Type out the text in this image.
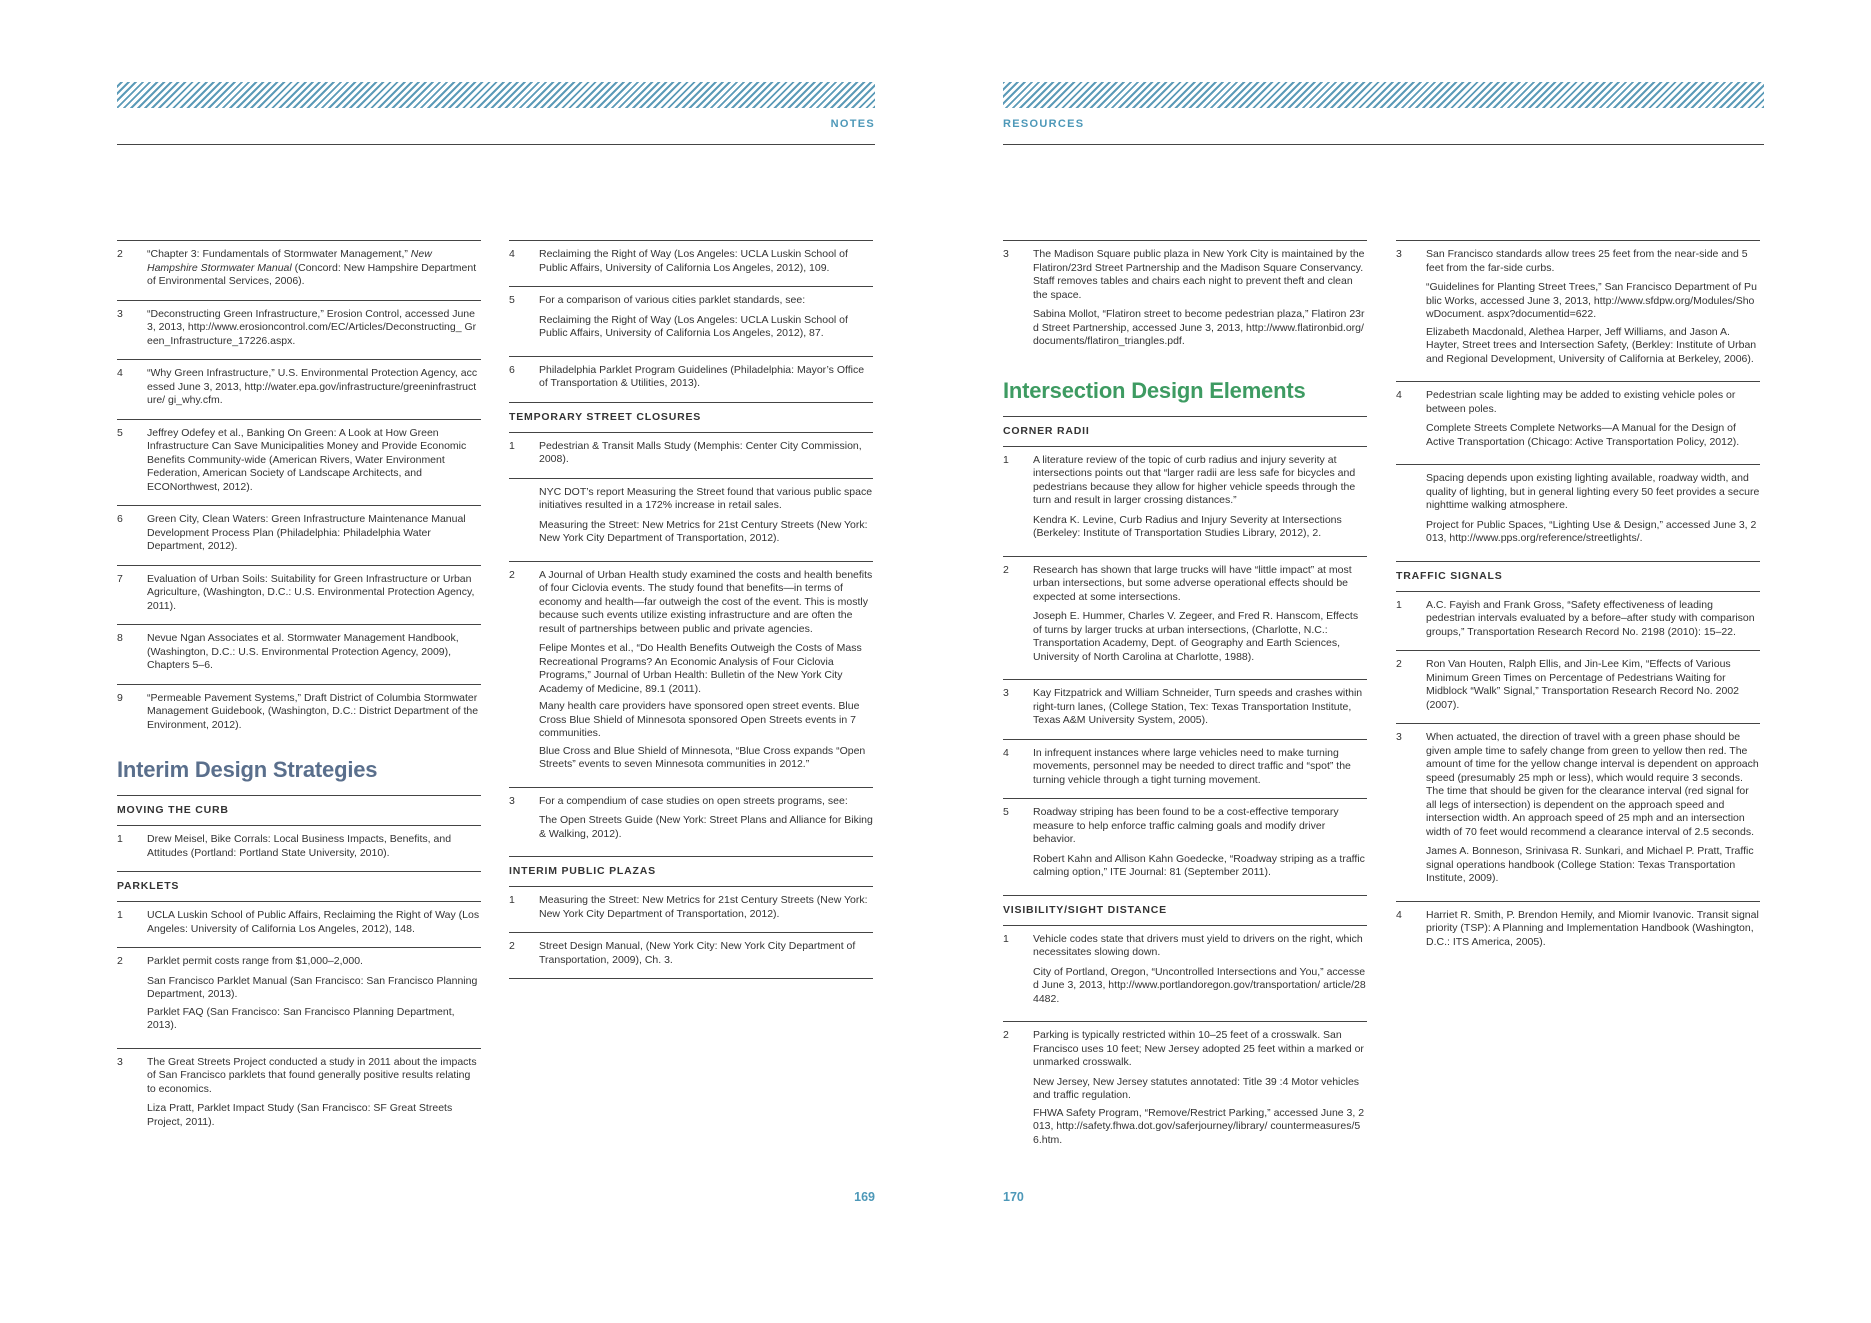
NOTES
2 “Chapter 3: Fundamentals of Stormwater Management,” New Hampshire Stormwater Manual (Concord: New Hampshire Department of Environmental Services, 2006).

3 “Deconstructing Green Infrastructure,” Erosion Control, accessed June 3, 2013, http://www.erosioncontrol.com/EC/Articles/Deconstructing_ Green_Infrastructure_17226.aspx.

4 “Why Green Infrastructure,” U.S. Environmental Protection Agency, accessed June 3, 2013, http://water.epa.gov/infrastructure/greeninfrastructure/ gi_why.cfm.

5 Jeffrey Odefey et al., Banking On Green: A Look at How Green Infrastructure Can Save Municipalities Money and Provide Economic Benefits Community-wide (American Rivers, Water Environment Federation, American Society of Landscape Architects, and ECONorthwest, 2012).

6 Green City, Clean Waters: Green Infrastructure Maintenance Manual Development Process Plan (Philadelphia: Philadelphia Water Department, 2012).

7 Evaluation of Urban Soils: Suitability for Green Infrastructure or Urban Agriculture, (Washington, D.C.: U.S. Environmental Protection Agency, 2011).

8 Nevue Ngan Associates et al. Stormwater Management Handbook, (Washington, D.C.: U.S. Environmental Protection Agency, 2009), Chapters 5–6.

9 “Permeable Pavement Systems,” Draft District of Columbia Stormwater Management Guidebook, (Washington, D.C.: District Department of the Environment, 2012).

Interim Design Strategies
MOVING THE CURB
1 Drew Meisel, Bike Corrals: Local Business Impacts, Benefits, and Attitudes (Portland: Portland State University, 2010).

PARKLETS
1 UCLA Luskin School of Public Affairs, Reclaiming the Right of Way (Los Angeles: University of California Los Angeles, 2012), 148.

2 Parklet permit costs range from $1,000–2,000.

San Francisco Parklet Manual (San Francisco: San Francisco Planning Department, 2013).

Parklet FAQ (San Francisco: San Francisco Planning Department, 2013).

3 The Great Streets Project conducted a study in 2011 about the impacts of San Francisco parklets that found generally positive results relating to economics.

Liza Pratt, Parklet Impact Study (San Francisco: SF Great Streets Project, 2011).

4 Reclaiming the Right of Way (Los Angeles: UCLA Luskin School of Public Affairs, University of California Los Angeles, 2012), 109.

5 For a comparison of various cities parklet standards, see:

Reclaiming the Right of Way (Los Angeles: UCLA Luskin School of Public Affairs, University of California Los Angeles, 2012), 87.

6 Philadelphia Parklet Program Guidelines (Philadelphia: Mayor’s Office of Transportation & Utilities, 2013).

TEMPORARY STREET CLOSURES
1 Pedestrian & Transit Malls Study (Memphis: Center City Commission, 2008).

NYC DOT’s report Measuring the Street found that various public space initiatives resulted in a 172% increase in retail sales.

Measuring the Street: New Metrics for 21st Century Streets (New York: New York City Department of Transportation, 2012).

2 A Journal of Urban Health study examined the costs and health benefits of four Ciclovia events. The study found that benefits—in terms of economy and health—far outweigh the cost of the event. This is mostly because such events utilize existing infrastructure and are often the result of partnerships between public and private agencies.

Felipe Montes et al., “Do Health Benefits Outweigh the Costs of Mass Recreational Programs? An Economic Analysis of Four Ciclovia Programs,” Journal of Urban Health: Bulletin of the New York City Academy of Medicine, 89.1 (2011).

Many health care providers have sponsored open street events. Blue Cross Blue Shield of Minnesota sponsored Open Streets events in 7 communities.

Blue Cross and Blue Shield of Minnesota, “Blue Cross expands “Open Streets” events to seven Minnesota communities in 2012.”

3 For a compendium of case studies on open streets programs, see:

The Open Streets Guide (New York: Street Plans and Alliance for Biking & Walking, 2012).

INTERIM PUBLIC PLAZAS
1 Measuring the Street: New Metrics for 21st Century Streets (New York: New York City Department of Transportation, 2012).

2 Street Design Manual, (New York City: New York City Department of Transportation, 2009), Ch. 3.

169
RESOURCES
3 The Madison Square public plaza in New York City is maintained by the Flatiron/23rd Street Partnership and the Madison Square Conservancy. Staff removes tables and chairs each night to prevent theft and clean the space.

Sabina Mollot, “Flatiron street to become pedestrian plaza,” Flatiron 23rd Street Partnership, accessed June 3, 2013, http://www.flatironbid.org/documents/flatiron_triangles.pdf.

Intersection Design Elements
CORNER RADII
1 A literature review of the topic of curb radius and injury severity at intersections points out that “larger radii are less safe for bicycles and pedestrians because they allow for higher vehicle speeds through the turn and result in larger crossing distances.”

Kendra K. Levine, Curb Radius and Injury Severity at Intersections (Berkeley: Institute of Transportation Studies Library, 2012), 2.

2 Research has shown that large trucks will have “little impact” at most urban intersections, but some adverse operational effects should be expected at some intersections.

Joseph E. Hummer, Charles V. Zegeer, and Fred R. Hanscom, Effects of turns by larger trucks at urban intersections, (Charlotte, N.C.: Transportation Academy, Dept. of Geography and Earth Sciences, University of North Carolina at Charlotte, 1988).

3 Kay Fitzpatrick and William Schneider, Turn speeds and crashes within right-turn lanes, (College Station, Tex: Texas Transportation Institute, Texas A&M University System, 2005).

4 In infrequent instances where large vehicles need to make turning movements, personnel may be needed to direct traffic and “spot” the turning vehicle through a tight turning movement.

5 Roadway striping has been found to be a cost-effective temporary measure to help enforce traffic calming goals and modify driver behavior.

Robert Kahn and Allison Kahn Goedecke, “Roadway striping as a traffic calming option,” ITE Journal: 81 (September 2011).

VISIBILITY/SIGHT DISTANCE
1 Vehicle codes state that drivers must yield to drivers on the right, which necessitates slowing down.

City of Portland, Oregon, “Uncontrolled Intersections and You,” accessed June 3, 2013, http://www.portlandoregon.gov/transportation/ article/284482.

2 Parking is typically restricted within 10–25 feet of a crosswalk. San Francisco uses 10 feet; New Jersey adopted 25 feet within a marked or unmarked crosswalk.

New Jersey, New Jersey statutes annotated: Title 39 :4 Motor vehicles and traffic regulation.

FHWA Safety Program, “Remove/Restrict Parking,” accessed June 3, 2013, http://safety.fhwa.dot.gov/saferjourney/library/ countermeasures/56.htm.

3 San Francisco standards allow trees 25 feet from the near-side and 5 feet from the far-side curbs.

“Guidelines for Planting Street Trees,” San Francisco Department of Public Works, accessed June 3, 2013, http://www.sfdpw.org/Modules/ShowDocument. aspx?documentid=622.

Elizabeth Macdonald, Alethea Harper, Jeff Williams, and Jason A. Hayter, Street trees and Intersection Safety, (Berkley: Institute of Urban and Regional Development, University of California at Berkeley, 2006).

4 Pedestrian scale lighting may be added to existing vehicle poles or between poles.

Complete Streets Complete Networks—A Manual for the Design of Active Transportation (Chicago: Active Transportation Policy, 2012).

Spacing depends upon existing lighting available, roadway width, and quality of lighting, but in general lighting every 50 feet provides a secure nighttime walking atmosphere.

Project for Public Spaces, “Lighting Use & Design,” accessed June 3, 2013, http://www.pps.org/reference/streetlights/.

TRAFFIC SIGNALS
1 A.C. Fayish and Frank Gross, “Safety effectiveness of leading pedestrian intervals evaluated by a before–after study with comparison groups,” Transportation Research Record No. 2198 (2010): 15–22.

2 Ron Van Houten, Ralph Ellis, and Jin-Lee Kim, “Effects of Various Minimum Green Times on Percentage of Pedestrians Waiting for Midblock “Walk” Signal,” Transportation Research Record No. 2002 (2007).

3 When actuated, the direction of travel with a green phase should be given ample time to safely change from green to yellow then red. The amount of time for the yellow change interval is dependent on approach speed (presumably 25 mph or less), which would require 3 seconds. The time that should be given for the clearance interval (red signal for all legs of intersection) is dependent on the approach speed and intersection width. An approach speed of 25 mph and an intersection width of 70 feet would recommend a clearance interval of 2.5 seconds.

James A. Bonneson, Srinivasa R. Sunkari, and Michael P. Pratt, Traffic signal operations handbook (College Station: Texas Transportation Institute, 2009).

4 Harriet R. Smith, P. Brendon Hemily, and Miomir Ivanovic. Transit signal priority (TSP): A Planning and Implementation Handbook (Washington, D.C.: ITS America, 2005).

170
